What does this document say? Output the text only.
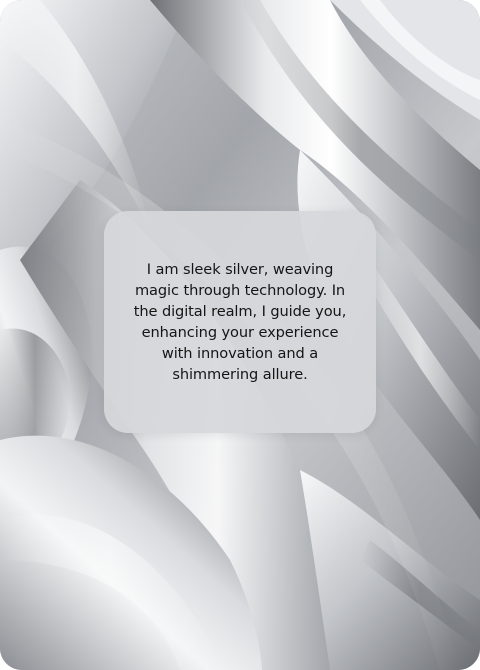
I am sleek silver, weaving magic through technology. In the digital realm, I guide you, enhancing your experience with innovation and a shimmering allure.
